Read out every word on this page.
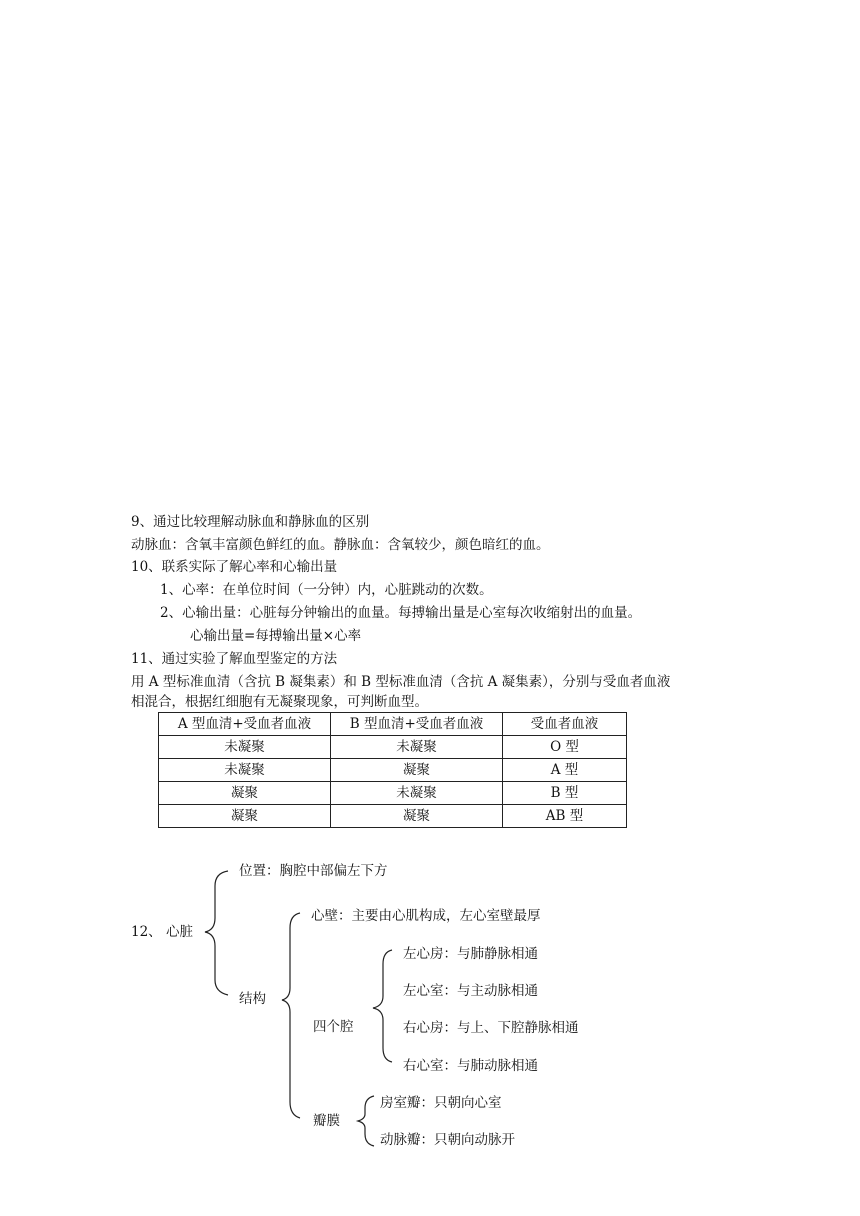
9、通过比较理解动脉血和静脉血的区别
动脉血：含氧丰富颜色鲜红的血。静脉血：含氧较少，颜色暗红的血。
10、联系实际了解心率和心输出量
1、心率：在单位时间（一分钟）内，心脏跳动的次数。
2、心输出量：心脏每分钟输出的血量。每搏输出量是心室每次收缩射出的血量。
心输出量=每搏输出量×心率
11、通过实验了解血型鉴定的方法
用 A 型标准血清（含抗 B 凝集素）和 B 型标准血清（含抗 A 凝集素），分别与受血者血液
相混合，根据红细胞有无凝聚现象，可判断血型。
A 型血清+受血者血液	B 型血清+受血者血液	受血者血液
未凝聚	未凝聚	O 型
未凝聚	凝聚	A 型
凝聚	未凝聚	B 型
凝聚	凝聚	AB 型
12、 心脏
位置：胸腔中部偏左下方
结构
心壁：主要由心肌构成，左心室壁最厚
四个腔
左心房：与肺静脉相通
左心室：与主动脉相通
右心房：与上、下腔静脉相通
右心室：与肺动脉相通
瓣膜
房室瓣：只朝向心室
动脉瓣：只朝向动脉开
